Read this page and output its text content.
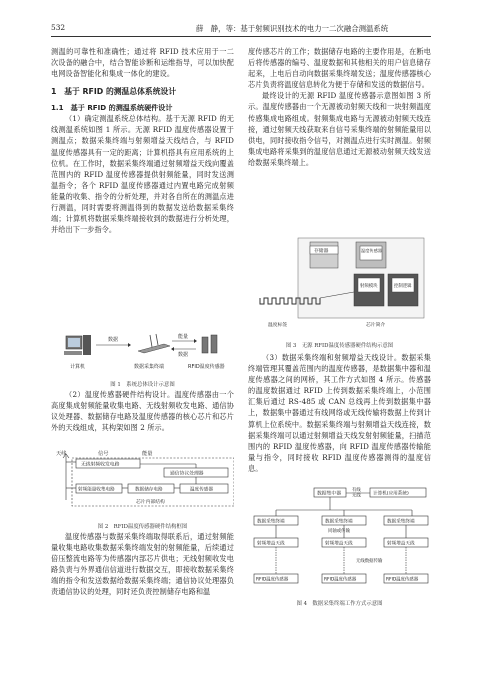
532	薛　静，等：基于射频识别技术的电力一二次融合测温系统

测温的可靠性和准确性；通过将 RFID 技术应用于一二次设备的融合中，结合智能诊断和运维指导，可以加快配电网设备智能化和集成一体化的建设。

1　基于 RFID 的测温总体系统设计
1.1　基于 RFID 的测温系统硬件设计

（1）确定测温系统总体结构。基于无源 RFID 的无线测温系统如图 1 所示。无源 RFID 温度传感器设置于测温点；数据采集终端与射频增益天线结合，与 RFID 温度传感器具有一定的距离；计算机搭具有应用系统的上位机。在工作时，数据采集终端通过射频增益天线向覆盖范围内的 RFID 温度传感器提供射频能量，同时发送测温指令；各个 RFID 温度传感器通过内置电路完成射频能量的收集、指令的分析处理，并对各自所在的测温点进行测温，同时需要将测温得到的数据发送给数据采集终端；计算机将数据采集终端接收到的数据进行分析处理，并给出下一步指令。

数据	能量
数据
计算机	数据采集终端	RFID温度传感器
图 1　系统总体设计示意图

（2）温度传感器硬件结构设计。温度传感器由一个高度集成射频能量收集电路、无线射频收发电路、通信协议处理器、数据储存电路及温度传感器的核心芯片和芯片外的天线组成，其构架如图 2 所示。

天线	信号	能量
无线射频收发电路
通信协议处理器
射频能量收集电路	数据储存电路	温度传感器
芯片内部结构
图 2　RFID温度传感器硬件结构框图

温度传感器与数据采集终端取得联系后，通过射频能量收集电路收集数据采集终端发射的射频能量，后续通过倍压整流电路等为传感器内部芯片供电；无线射频收发电路负责与外界通信信道进行数据交互，即接收数据采集终端的指令和发送数据给数据采集终端；通信协议处理器负责通信协议的处理，同时还负责控制储存电路和温

度传感芯片的工作；数据储存电路的主要作用是，在断电后将传感器的编号、温度数据和其他相关的用户信息储存起来，上电后自动向数据采集终端发送；温度传感器核心芯片负责将温度信息转化为便于存储和发送的数据信号。

最终设计的无源 RFID 温度传感器示意图如图 3 所示。温度传感器由一个无源被动射频天线和一块射频温度传感集成电路组成。射频集成电路与无源被动射频天线连接，通过射频天线获取来自信号采集终端的射频能量用以供电，同时接收指令信号，对测温点进行实时测温。射频集成电路将采集到的温度信息通过无源被动射频天线发送给数据采集终端上。

存储器	温度传感器
射频模块	控制逻辑
温度标签	芯片简介
图 3　无源 RFID温度传感器硬件结构示意图

（3）数据采集终端和射频增益天线设计。数据采集终端管理其覆盖范围内的温度传感器，是数据集中器和温度传感器之间的网桥，其工作方式如图 4 所示。传感器的温度数据通过 RFID 上传到数据采集终端上，小范围汇集后通过 RS-485 或 CAN 总线再上传到数据集中器上，数据集中器通过有线网络或无线传输将数据上传到计算机上位系统中。数据采集终端与射频增益天线连接，数据采集终端可以通过射频增益天线发射射频能量，扫描范围内的 RFID 温度传感器，向 RFID 温度传感器传输能量与指令，同时接收 RFID 温度传感器测得的温度信息。

数据集中器
有线
无线	计算机(应用系统)
数据采集终端	数据采集终端	数据采集终端
同轴或传输
射频增益天线	射频增益天线	射频增益天线
无线数据传输
RFID温度传感器	RFID温度传感器	RFID温度传感器
图 4　数据采集终端工作方式示意图
